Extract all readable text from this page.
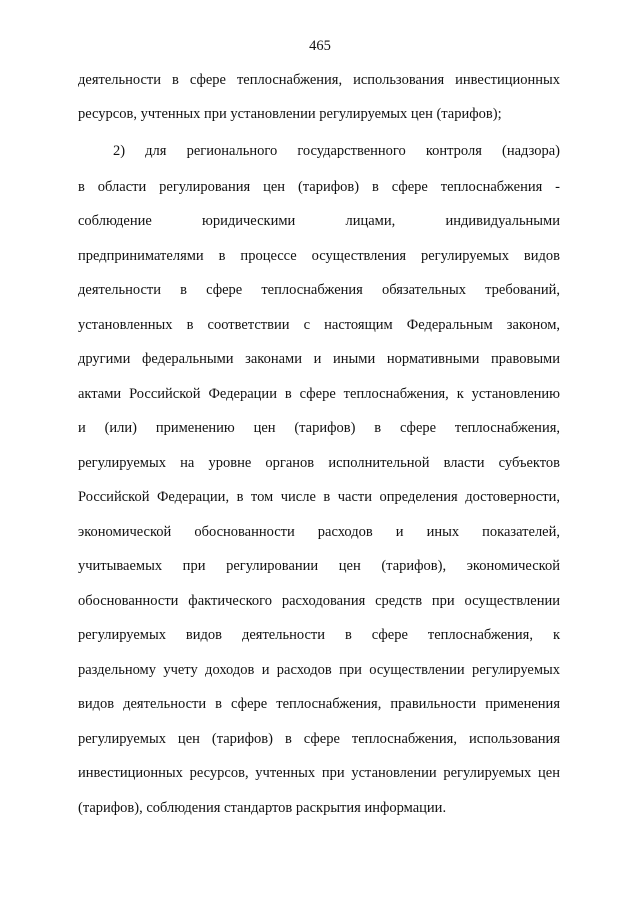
465
деятельности в сфере теплоснабжения, использования инвестиционных
ресурсов, учтенных при установлении регулируемых цен (тарифов);
2) для регионального государственного контроля (надзора)
в области регулирования цен (тарифов) в сфере теплоснабжения -
соблюдение юридическими лицами, индивидуальными
предпринимателями в процессе осуществления регулируемых видов
деятельности в сфере теплоснабжения обязательных требований,
установленных в соответствии с настоящим Федеральным законом,
другими федеральными законами и иными нормативными правовыми
актами Российской Федерации в сфере теплоснабжения, к установлению
и (или) применению цен (тарифов) в сфере теплоснабжения,
регулируемых на уровне органов исполнительной власти субъектов
Российской Федерации, в том числе в части определения достоверности,
экономической обоснованности расходов и иных показателей,
учитываемых при регулировании цен (тарифов), экономической
обоснованности фактического расходования средств при осуществлении
регулируемых видов деятельности в сфере теплоснабжения, к
раздельному учету доходов и расходов при осуществлении регулируемых
видов деятельности в сфере теплоснабжения, правильности применения
регулируемых цен (тарифов) в сфере теплоснабжения, использования
инвестиционных ресурсов, учтенных при установлении регулируемых цен
(тарифов), соблюдения стандартов раскрытия информации.
